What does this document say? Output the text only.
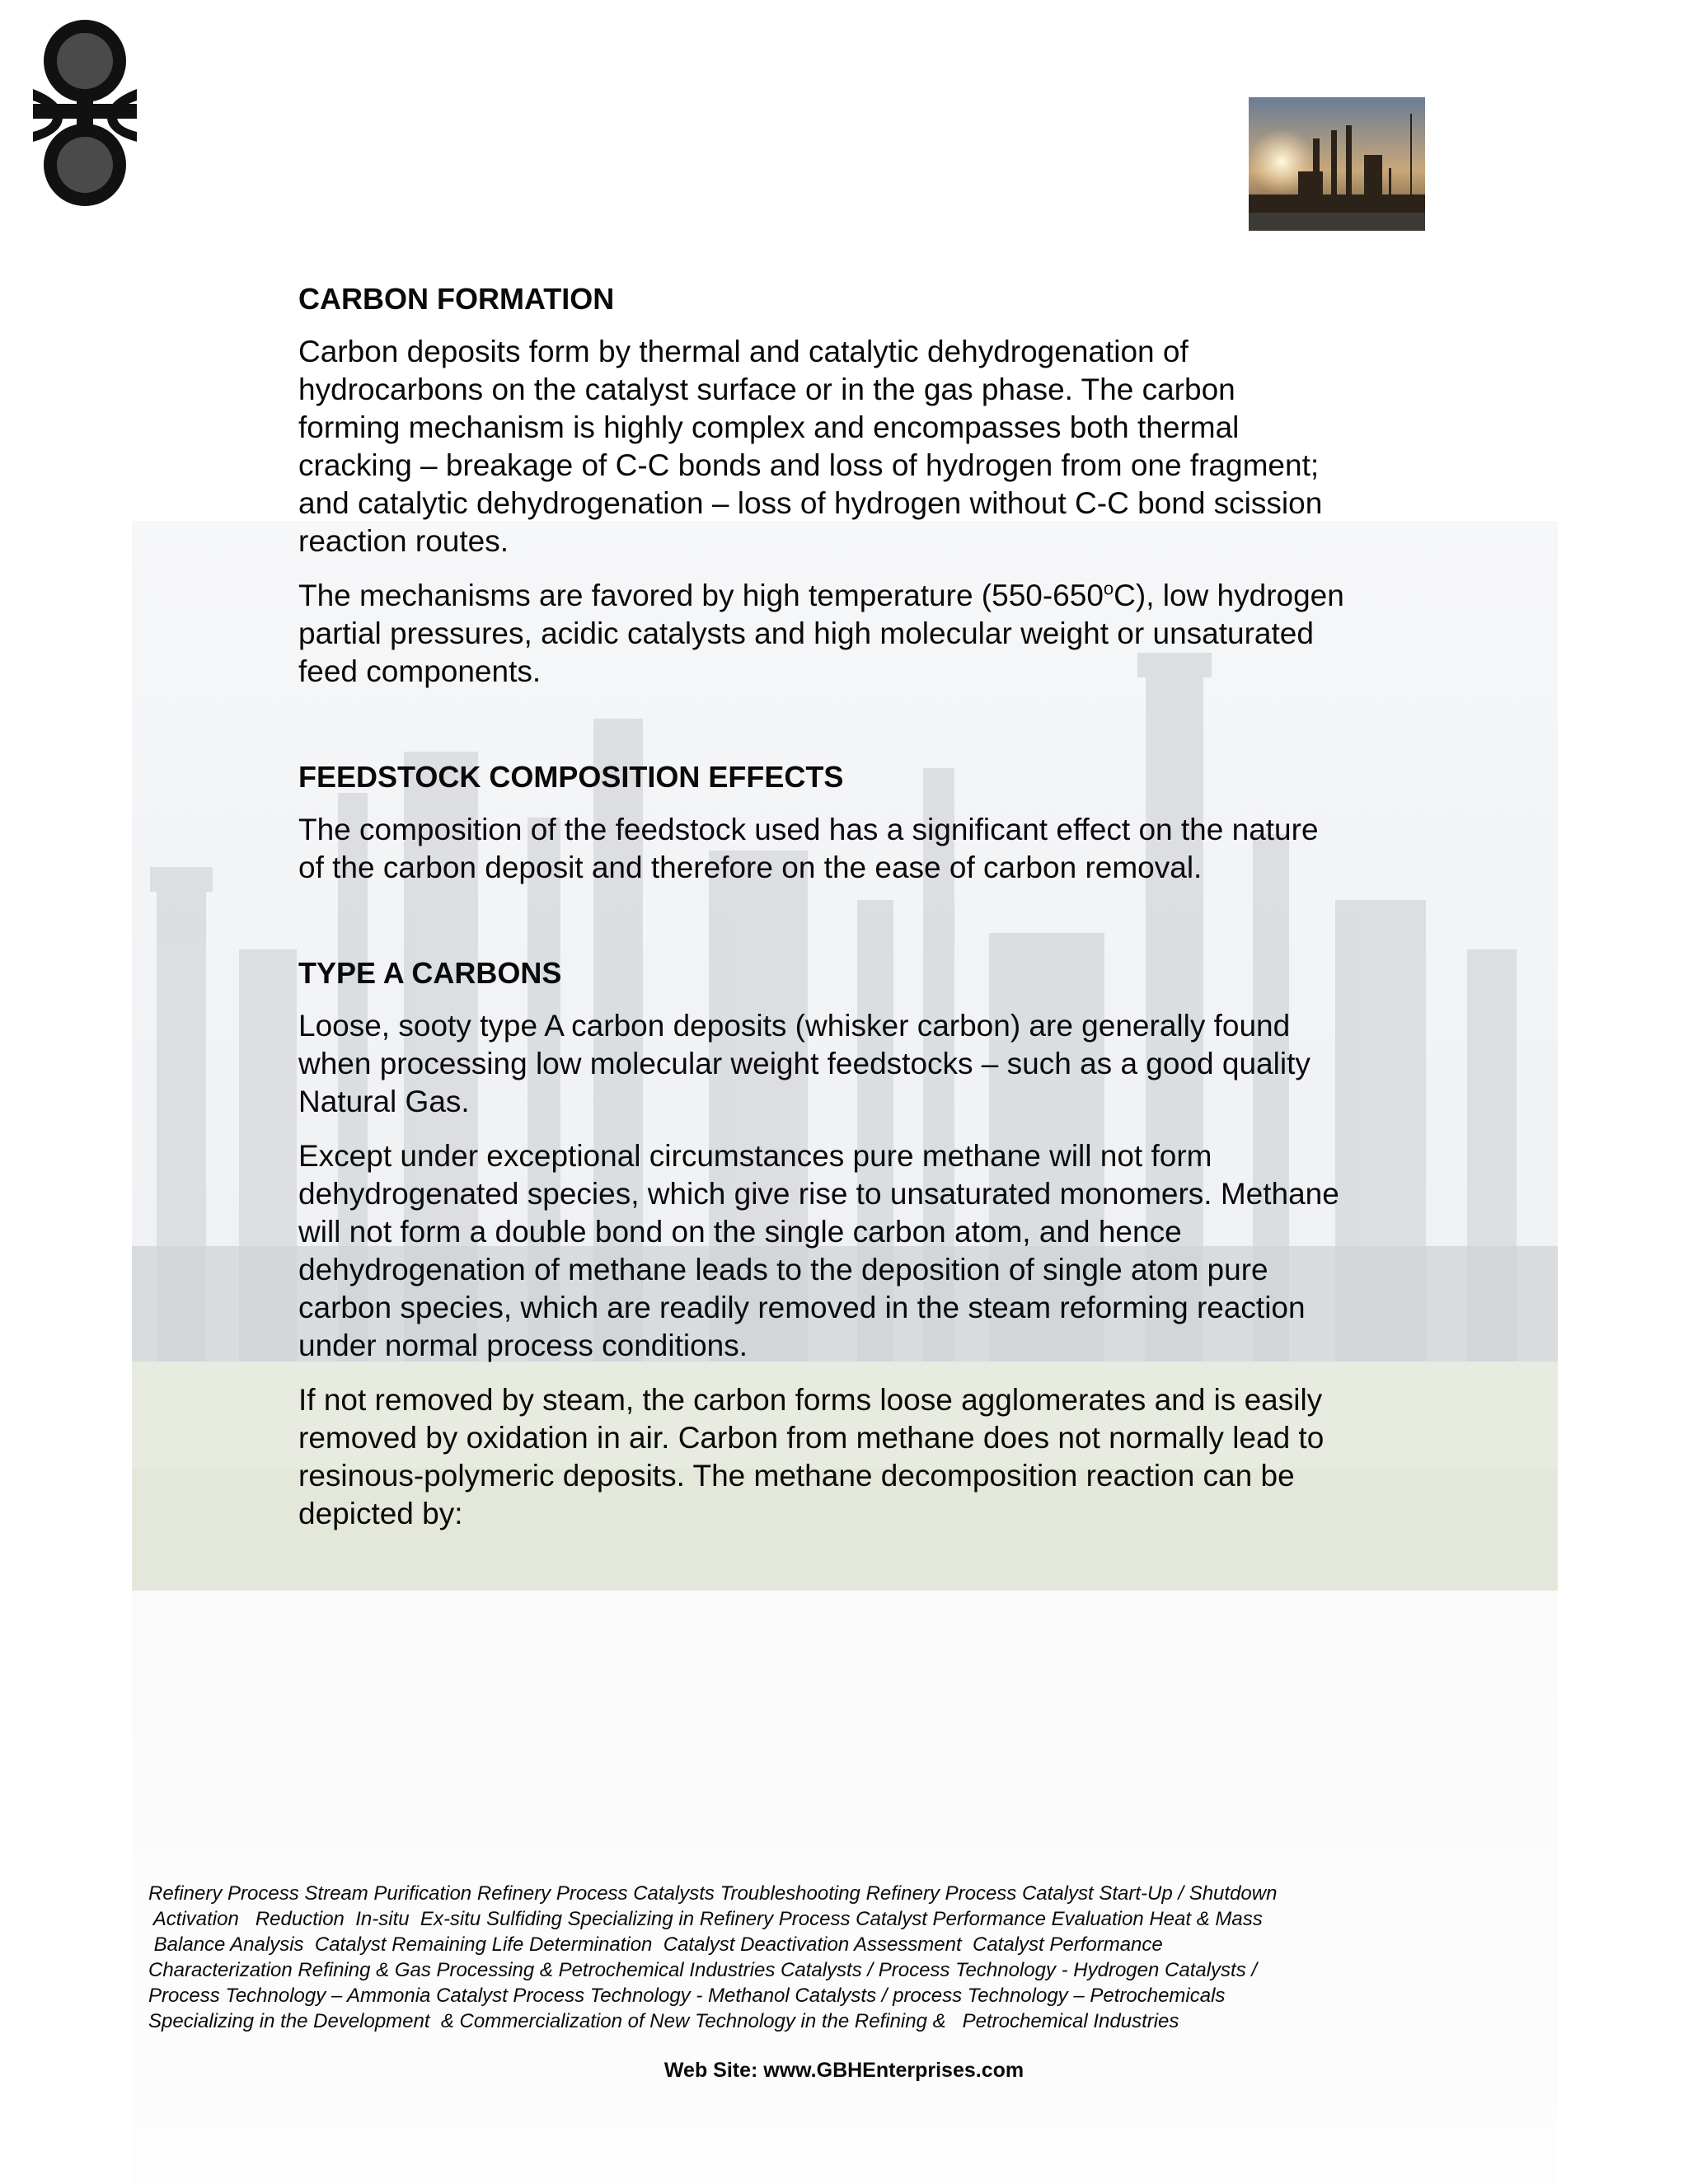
CARBON FORMATION

Carbon deposits form by thermal and catalytic dehydrogenation of
hydrocarbons on the catalyst surface or in the gas phase. The carbon
forming mechanism is highly complex and encompasses both thermal
cracking – breakage of C-C bonds and loss of hydrogen from one fragment;
and catalytic dehydrogenation – loss of hydrogen without C-C bond scission
reaction routes.

The mechanisms are favored by high temperature (550-650$^o$C), low hydrogen
partial pressures, acidic catalysts and high molecular weight or unsaturated
feed components.

FEEDSTOCK COMPOSITION EFFECTS

The composition of the feedstock used has a significant effect on the nature
of the carbon deposit and therefore on the ease of carbon removal.

TYPE A CARBONS

Loose, sooty type A carbon deposits (whisker carbon) are generally found
when processing low molecular weight feedstocks – such as a good quality
Natural Gas.

Except under exceptional circumstances pure methane will not form
dehydrogenated species, which give rise to unsaturated monomers. Methane
will not form a double bond on the single carbon atom, and hence
dehydrogenation of methane leads to the deposition of single atom pure
carbon species, which are readily removed in the steam reforming reaction
under normal process conditions.

If not removed by steam, the carbon forms loose agglomerates and is easily
removed by oxidation in air. Carbon from methane does not normally lead to
resinous-polymeric deposits. The methane decomposition reaction can be
depicted by:

Refinery Process Stream Purification Refinery Process Catalysts Troubleshooting Refinery Process Catalyst Start-Up / Shutdown
Activation   Reduction  In-situ  Ex-situ Sulfiding Specializing in Refinery Process Catalyst Performance Evaluation Heat & Mass
Balance Analysis  Catalyst Remaining Life Determination  Catalyst Deactivation Assessment  Catalyst Performance
Characterization Refining & Gas Processing & Petrochemical Industries Catalysts / Process Technology - Hydrogen Catalysts /
Process Technology – Ammonia Catalyst Process Technology - Methanol Catalysts / process Technology – Petrochemicals
Specializing in the Development  & Commercialization of New Technology in the Refining &   Petrochemical Industries
Web Site: www.GBHEnterprises.com
